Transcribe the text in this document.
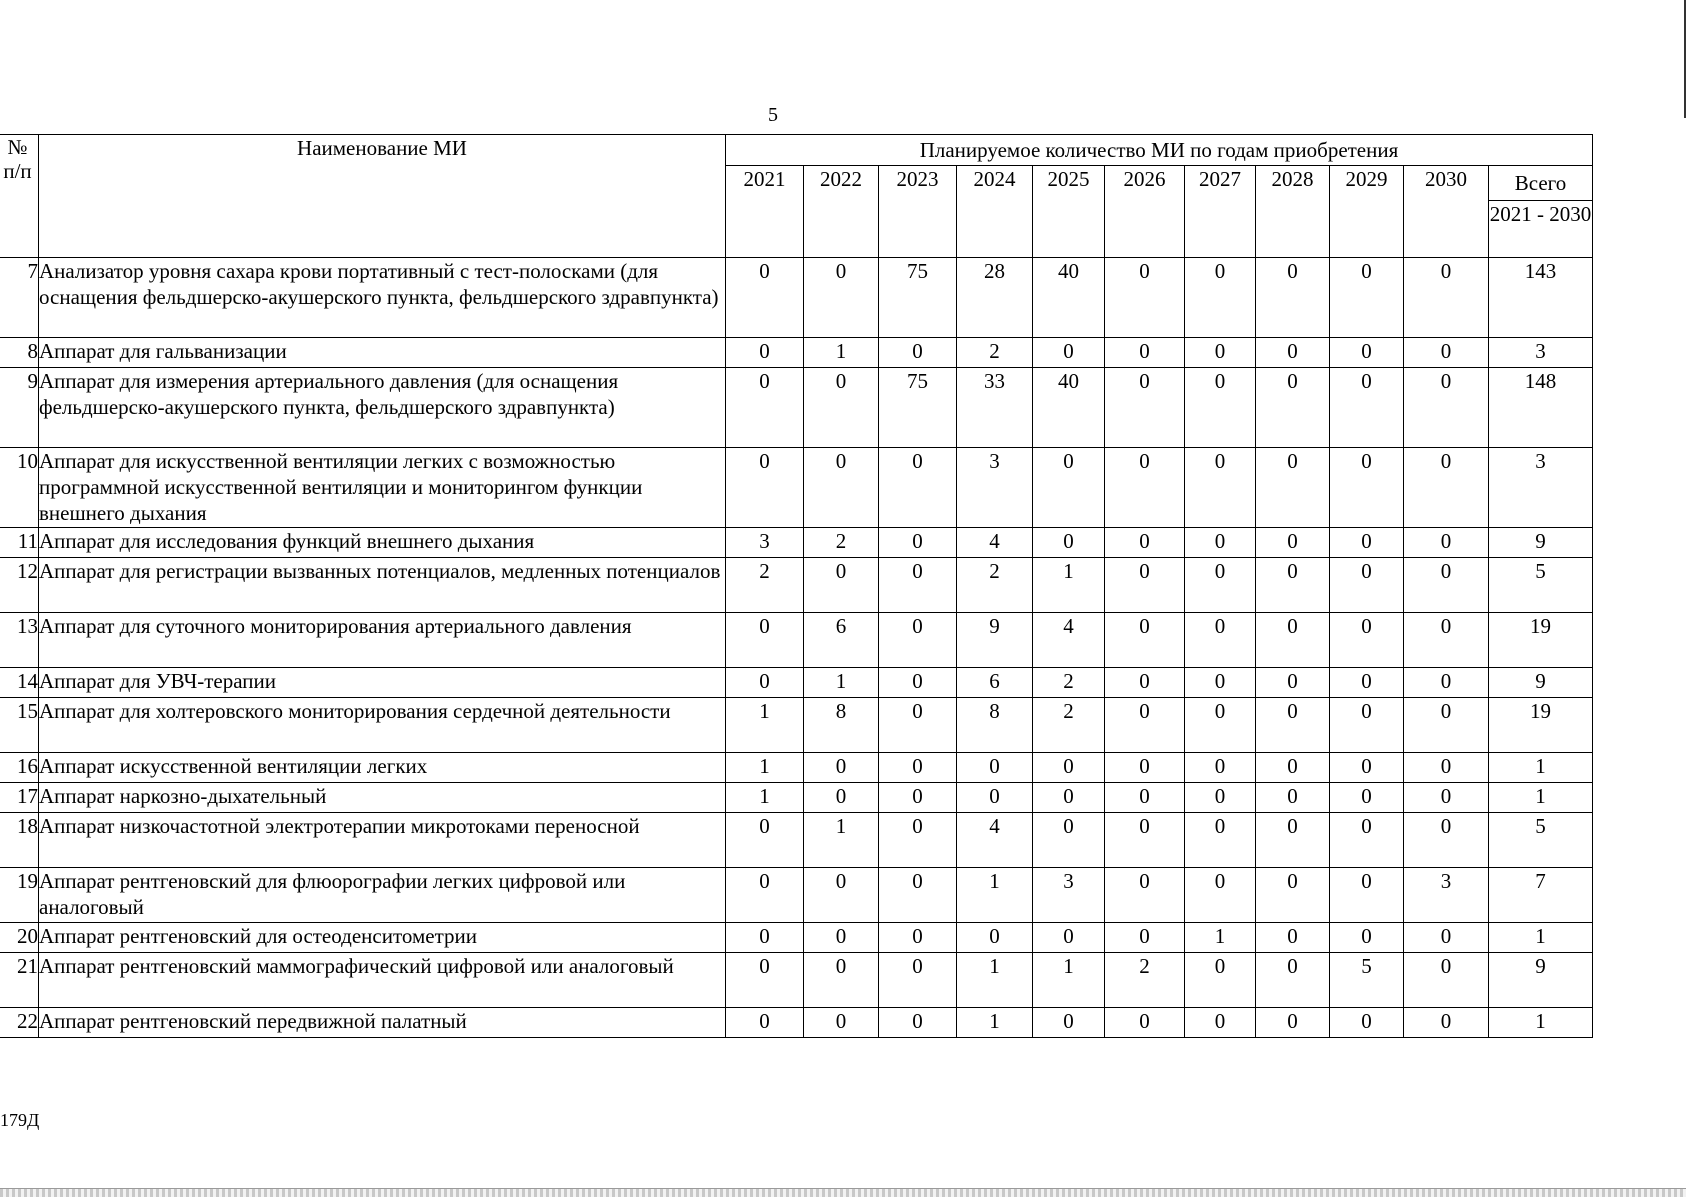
5
№ п/п	Наименование МИ	Планируемое количество МИ по годам приобретения										
		2021	2022	2023	2024	2025	2026	2027	2028	2029	2030	Всего
												2021 - 2030
7	Анализатор уровня сахара крови портативный с тест-полосками (для оснащения фельдшерско-акушерского пункта, фельдшерского здравпункта)	0	0	75	28	40	0	0	0	0	0	143
8	Аппарат для гальванизации	0	1	0	2	0	0	0	0	0	0	3
9	Аппарат для измерения артериального давления (для оснащения фельдшерско-акушерского пункта, фельдшерского здравпункта)	0	0	75	33	40	0	0	0	0	0	148
10	Аппарат для искусственной вентиляции легких с возможностью программной искусственной вентиляции и мониторингом функции внешнего дыхания	0	0	0	3	0	0	0	0	0	0	3
11	Аппарат для исследования функций внешнего дыхания	3	2	0	4	0	0	0	0	0	0	9
12	Аппарат для регистрации вызванных потенциалов, медленных потенциалов	2	0	0	2	1	0	0	0	0	0	5
13	Аппарат для суточного мониторирования артериального давления	0	6	0	9	4	0	0	0	0	0	19
14	Аппарат для УВЧ-терапии	0	1	0	6	2	0	0	0	0	0	9
15	Аппарат для холтеровского мониторирования сердечной деятельности	1	8	0	8	2	0	0	0	0	0	19
16	Аппарат искусственной вентиляции легких	1	0	0	0	0	0	0	0	0	0	1
17	Аппарат наркозно-дыхательный	1	0	0	0	0	0	0	0	0	0	1
18	Аппарат низкочастотной электротерапии микротоками переносной	0	1	0	4	0	0	0	0	0	0	5
19	Аппарат рентгеновский для флюорографии легких цифровой или аналоговый	0	0	0	1	3	0	0	0	0	3	7
20	Аппарат рентгеновский для остеоденситометрии	0	0	0	0	0	0	1	0	0	0	1
21	Аппарат рентгеновский маммографический цифровой или аналоговый	0	0	0	1	1	2	0	0	5	0	9
22	Аппарат рентгеновский передвижной палатный	0	0	0	1	0	0	0	0	0	0	1
179Д
